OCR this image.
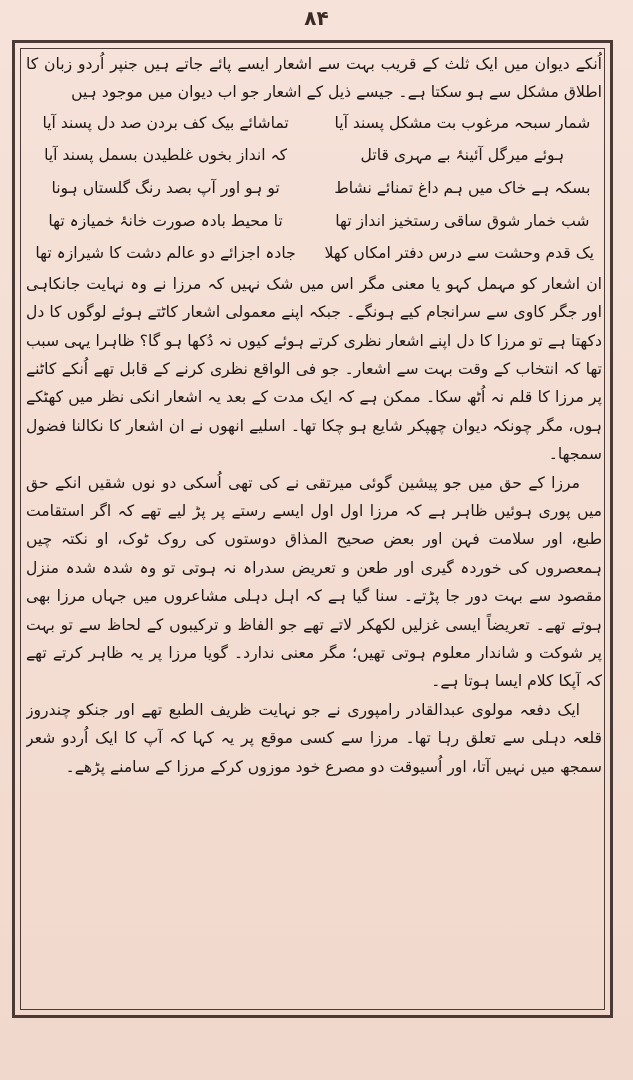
۸۴

اُنکے دیوان میں ایک ثلث کے قریب بہت سے اشعار ایسے پائے جاتے ہیں جنپر اُردو زبان کا اطلاق مشکل سے ہو سکتا ہے۔ جیسے ذیل کے اشعار جو اب دیوان میں موجود ہیں

شمار سبحہ مرغوب بت مشکل پسند آیا
تماشائے بیک کف بردن صد دل پسند آیا
ہوئے میرگل آئینۂ بے مہری قاتل
کہ انداز بخوں غلطیدن بسمل پسند آیا
بسکہ ہے خاک میں ہم داغ تمنائے نشاط
تو ہو اور آپ بصد رنگ گلستاں ہونا
شب خمار شوق ساقی رستخیز انداز تھا
تا محیط بادہ صورت خانۂ خمیازہ تھا
یک قدم وحشت سے درس دفتر امکاں کھلا
جادہ اجزائے دو عالم دشت کا شیرازہ تھا

ان اشعار کو مہمل کہو یا معنی مگر اس میں شک نہیں کہ مرزا نے وہ نہایت جانکاہی اور جگر کاوی سے سرانجام کیے ہونگے۔ جبکہ اپنے معمولی اشعار کاٹتے ہوئے لوگوں کا دل دکھتا ہے تو مرزا کا دل اپنے اشعار نظری کرتے ہوئے کیوں نہ دُکھا ہو گا؟ ظاہرا یہی سبب تھا کہ انتخاب کے وقت بہت سے اشعار۔ جو فی الواقع نظری کرنے کے قابل تھے اُنکے کاٹنے پر مرزا کا قلم نہ اُٹھ سکا۔ ممکن ہے کہ ایک مدت کے بعد یہ اشعار انکی نظر میں کھٹکے ہوں، مگر چونکہ دیوان چھپکر شایع ہو چکا تھا۔ اسلیے انھوں نے ان اشعار کا نکالنا فضول سمجھا۔

مرزا کے حق میں جو پیشین گوئی میرتقی نے کی تھی اُسکی دو نوں شقیں انکے حق میں پوری ہوئیں ظاہر ہے کہ مرزا اول اول ایسے رستے پر پڑ لیے تھے کہ اگر استقامت طبع، اور سلامت فہن اور بعض صحیح المذاق دوستوں کی روک ٹوک، او نکتہ چیں ہمعصروں کی خوردہ گیری اور طعن و تعریض سدراہ نہ ہوتی تو وہ شدہ شدہ منزل مقصود سے بہت دور جا پڑتے۔ سنا گیا ہے کہ اہل دہلی مشاعروں میں جہاں مرزا بھی ہوتے تھے۔ تعریضاً ایسی غزلیں لکھکر لاتے تھے جو الفاظ و ترکیبوں کے لحاظ سے تو بہت پر شوکت و شاندار معلوم ہوتی تھیں؛ مگر معنی ندارد۔ گویا مرزا پر یہ ظاہر کرتے تھے کہ آپکا کلام ایسا ہوتا ہے۔

ایک دفعہ مولوی عبدالقادر رامپوری نے جو نہایت ظریف الطبع تھے اور جنکو چندروز قلعہ دہلی سے تعلق رہا تھا۔ مرزا سے کسی موقع پر یہ کہا کہ آپ کا ایک اُردو شعر سمجھ میں نہیں آتا، اور اُسیوقت دو مصرع خود موزوں کرکے مرزا کے سامنے پڑھے۔
